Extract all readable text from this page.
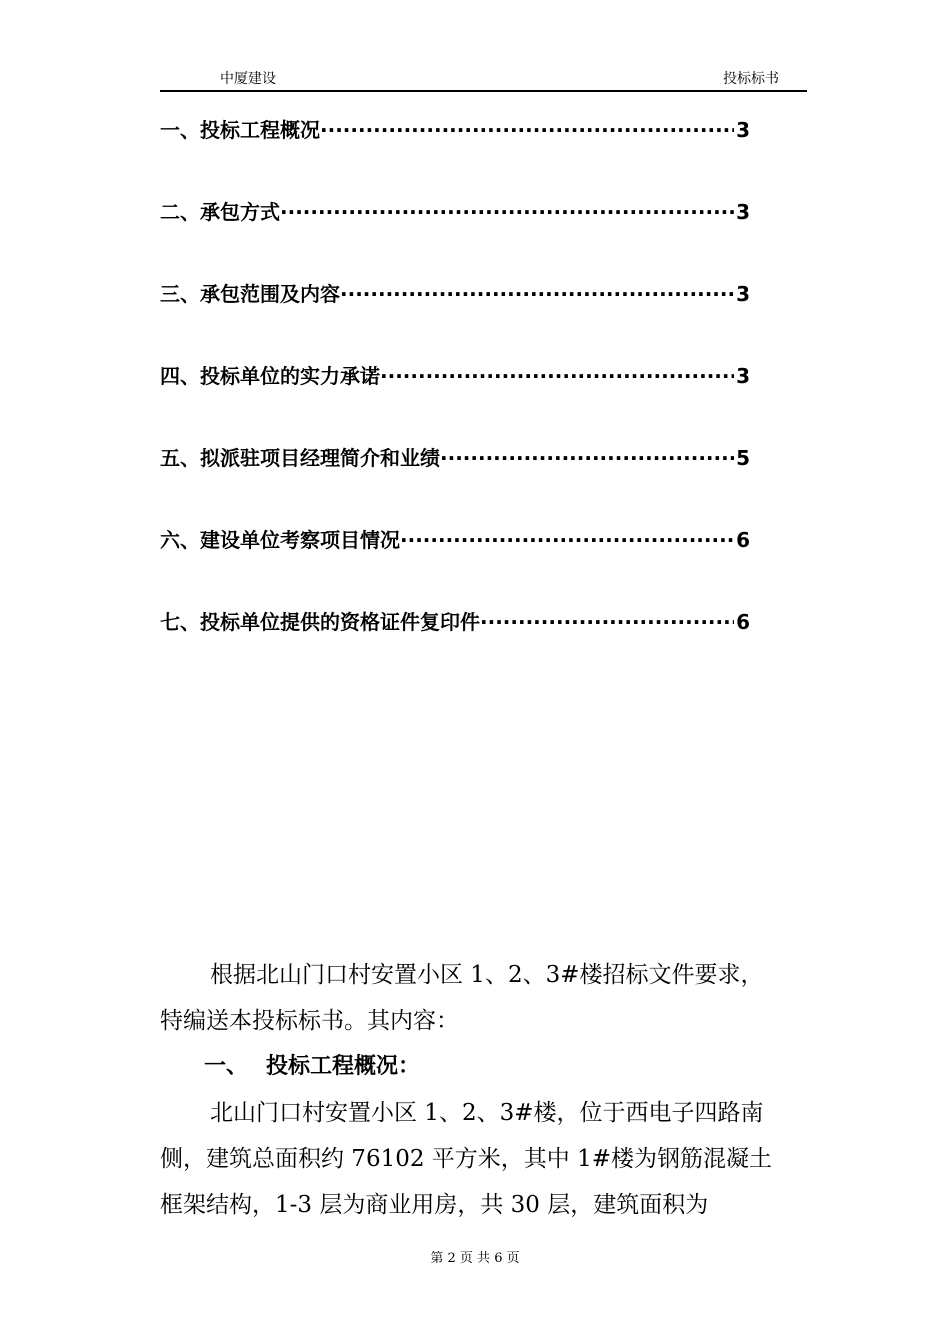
中厦建设	投标标书
一、投标工程概况 ·····	3
二、承包方式 ·····	3
三、承包范围及内容 ·····	3
四、投标单位的实力承诺 ·····	3
五、拟派驻项目经理简介和业绩 ·····	5
六、建设单位考察项目情况 ·····	6
七、投标单位提供的资格证件复印件 ·····	6

根据北山门口村安置小区 1、2、3#楼招标文件要求，

特编送本投标标书。其内容：

一、 投标工程概况：

北山门口村安置小区 1、2、3#楼，位于西电子四路南

侧，建筑总面积约 76102 平方米，其中 1#楼为钢筋混凝土

框架结构，1-3 层为商业用房，共 30 层，建筑面积为

第 2 页 共 6 页
